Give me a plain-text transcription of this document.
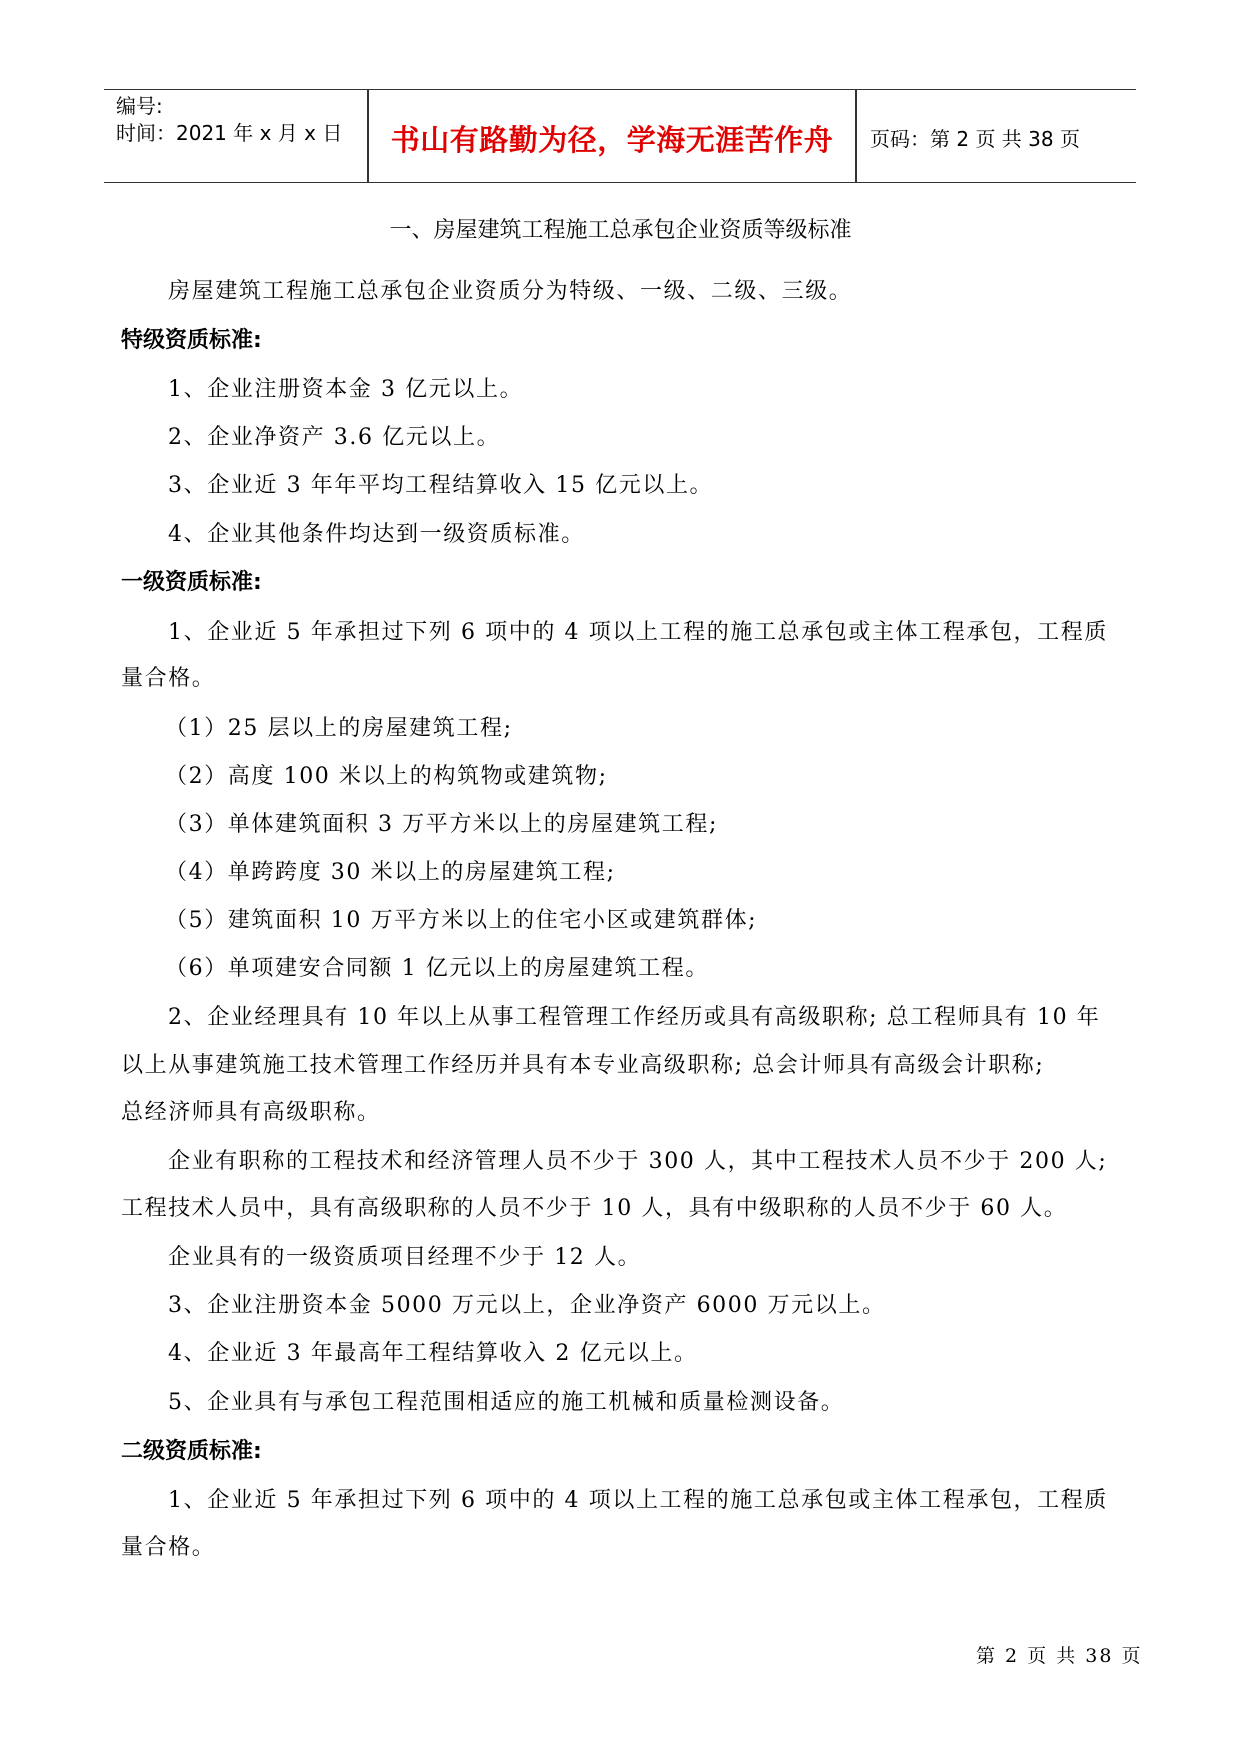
编号:
时间：2021 年 x 月 x 日	书山有路勤为径，学海无涯苦作舟	页码：第 2 页 共 38 页
一、房屋建筑工程施工总承包企业资质等级标准
房屋建筑工程施工总承包企业资质分为特级、一级、二级、三级。
特级资质标准:
1、企业注册资本金 3 亿元以上。
2、企业净资产 3.6 亿元以上。
3、企业近 3 年年平均工程结算收入 15 亿元以上。
4、企业其他条件均达到一级资质标准。
一级资质标准:
1、企业近 5 年承担过下列 6 项中的 4 项以上工程的施工总承包或主体工程承包，工程质
量合格。
（1）25 层以上的房屋建筑工程;
（2）高度 100 米以上的构筑物或建筑物;
（3）单体建筑面积 3 万平方米以上的房屋建筑工程;
（4）单跨跨度 30 米以上的房屋建筑工程;
（5）建筑面积 10 万平方米以上的住宅小区或建筑群体;
（6）单项建安合同额 1 亿元以上的房屋建筑工程。
2、企业经理具有 10 年以上从事工程管理工作经历或具有高级职称; 总工程师具有 10 年
以上从事建筑施工技术管理工作经历并具有本专业高级职称; 总会计师具有高级会计职称;
总经济师具有高级职称。
企业有职称的工程技术和经济管理人员不少于 300 人，其中工程技术人员不少于 200 人;
工程技术人员中，具有高级职称的人员不少于 10 人，具有中级职称的人员不少于 60 人。
企业具有的一级资质项目经理不少于 12 人。
3、企业注册资本金 5000 万元以上，企业净资产 6000 万元以上。
4、企业近 3 年最高年工程结算收入 2 亿元以上。
5、企业具有与承包工程范围相适应的施工机械和质量检测设备。
二级资质标准:
1、企业近 5 年承担过下列 6 项中的 4 项以上工程的施工总承包或主体工程承包，工程质
量合格。
第 2 页 共 38 页
